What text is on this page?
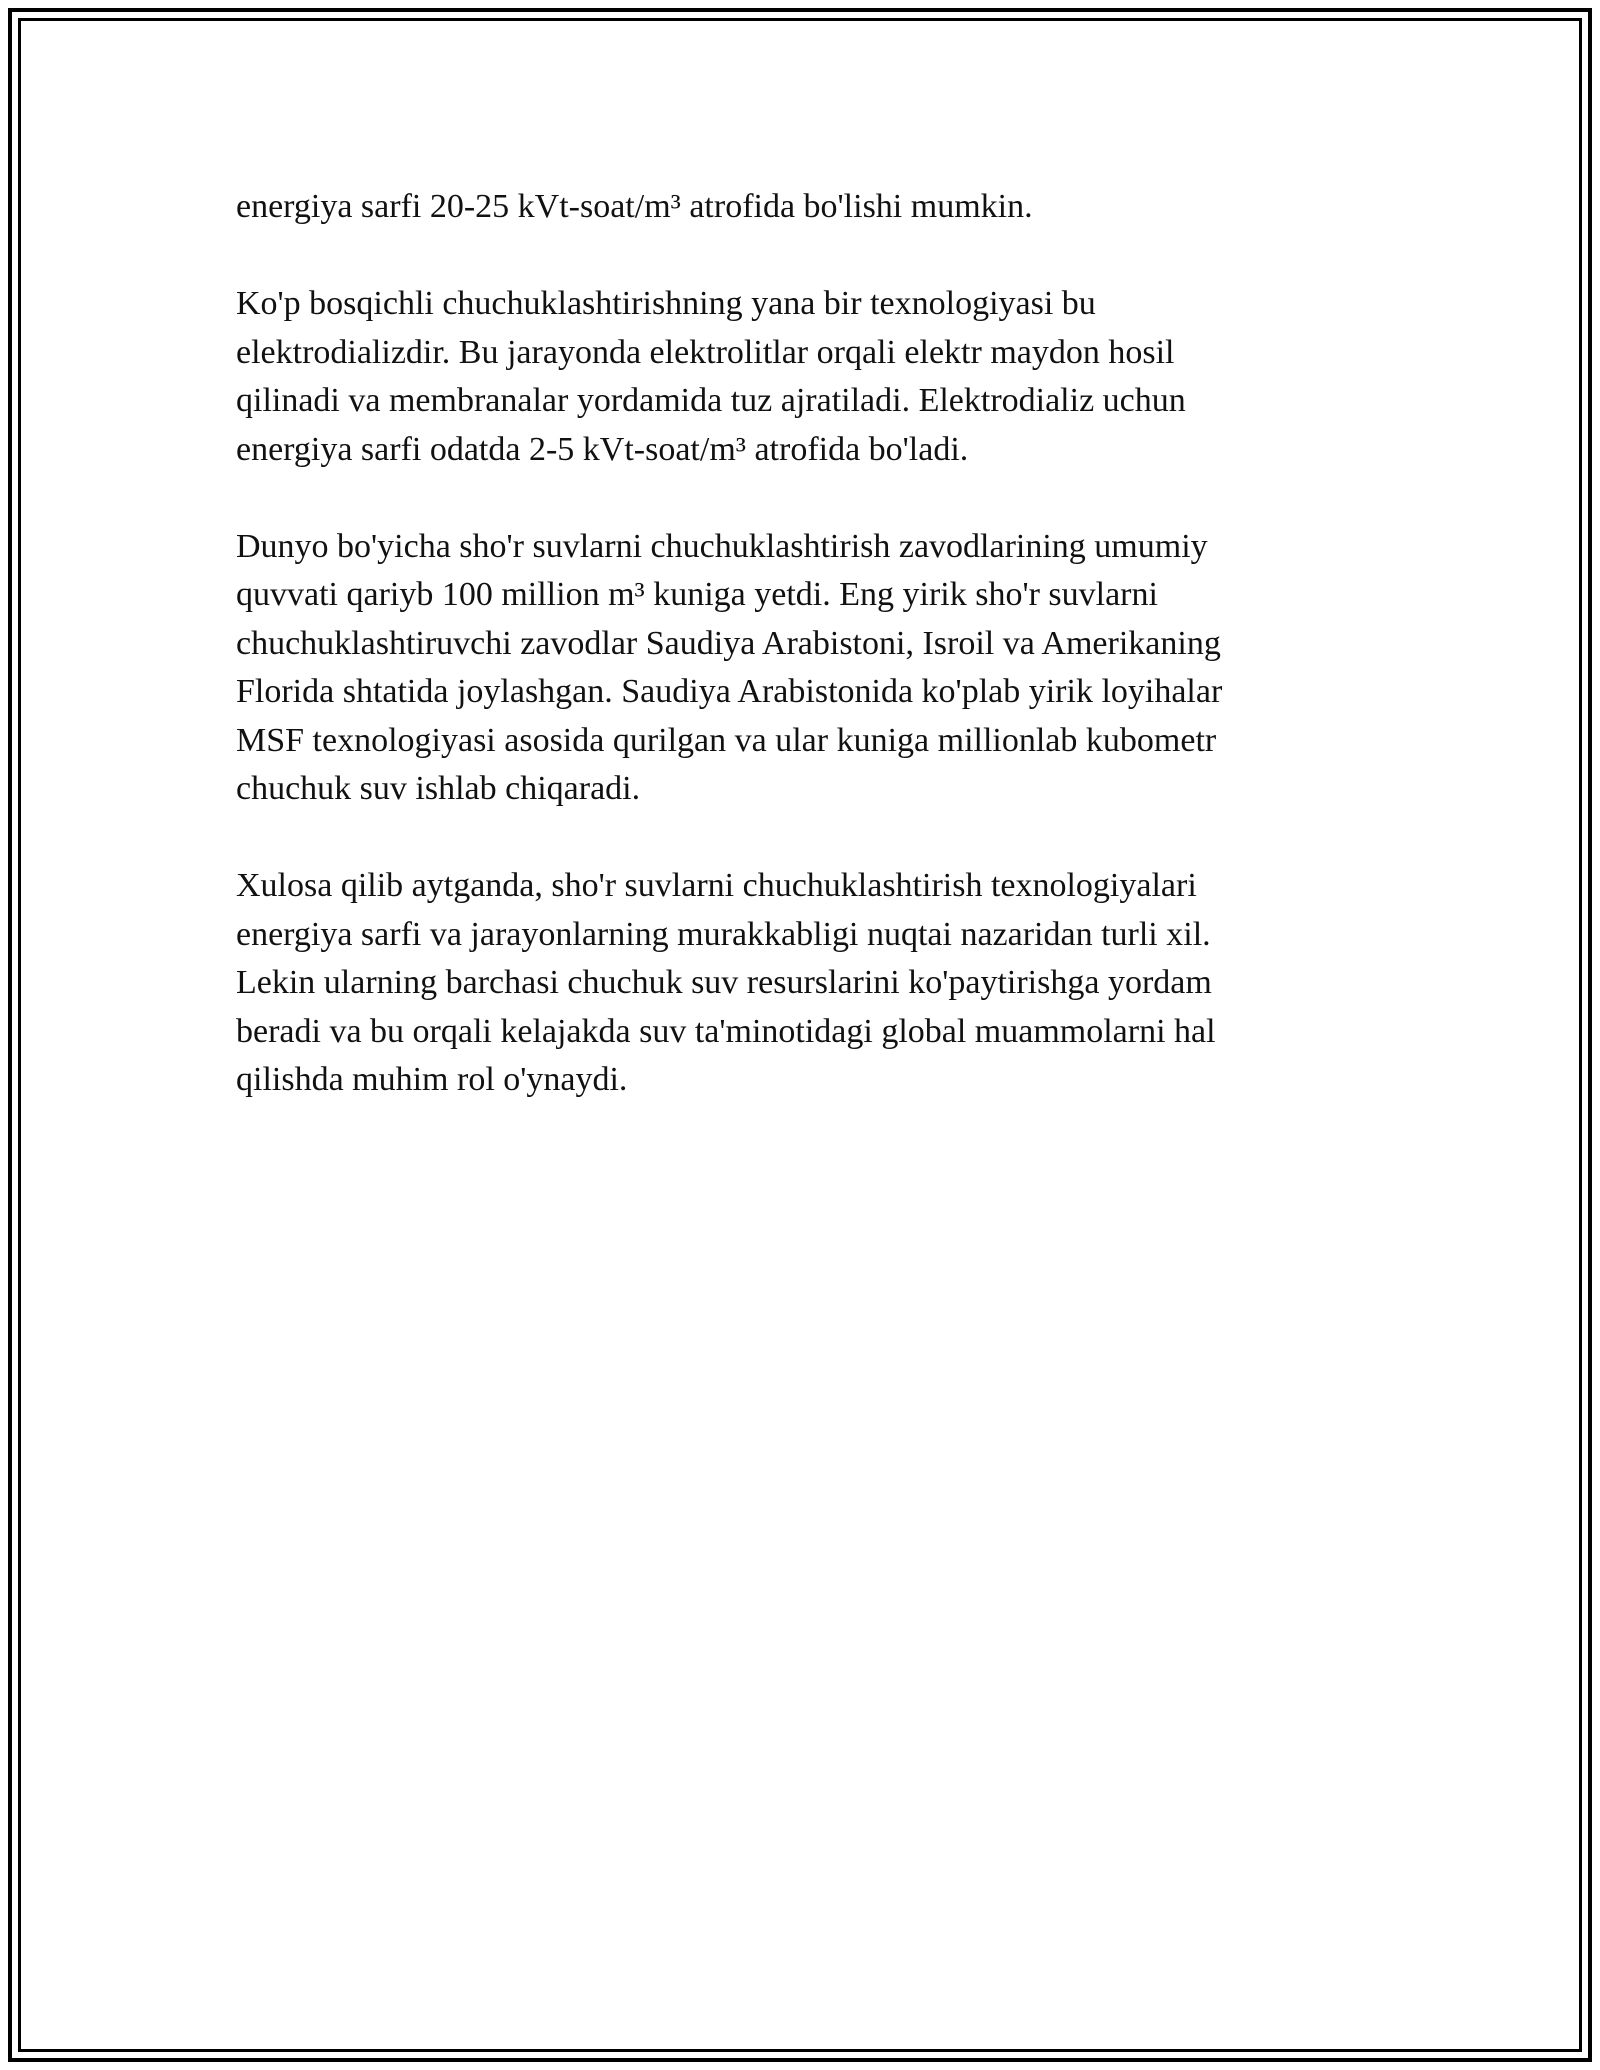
energiya sarfi 20-25 kVt-soat/m³ atrofida bo'lishi mumkin.

Ko'p bosqichli chuchuklashtirishning yana bir texnologiyasi bu
elektrodializdir. Bu jarayonda elektrolitlar orqali elektr maydon hosil
qilinadi va membranalar yordamida tuz ajratiladi. Elektrodializ uchun
energiya sarfi odatda 2-5 kVt-soat/m³ atrofida bo'ladi.

Dunyo bo'yicha sho'r suvlarni chuchuklashtirish zavodlarining umumiy
quvvati qariyb 100 million m³ kuniga yetdi. Eng yirik sho'r suvlarni
chuchuklashtiruvchi zavodlar Saudiya Arabistoni, Isroil va Amerikaning
Florida shtatida joylashgan. Saudiya Arabistonida ko'plab yirik loyihalar
MSF texnologiyasi asosida qurilgan va ular kuniga millionlab kubometr
chuchuk suv ishlab chiqaradi.

Xulosa qilib aytganda, sho'r suvlarni chuchuklashtirish texnologiyalari
energiya sarfi va jarayonlarning murakkabligi nuqtai nazaridan turli xil.
Lekin ularning barchasi chuchuk suv resurslarini ko'paytirishga yordam
beradi va bu orqali kelajakda suv ta'minotidagi global muammolarni hal
qilishda muhim rol o'ynaydi.
